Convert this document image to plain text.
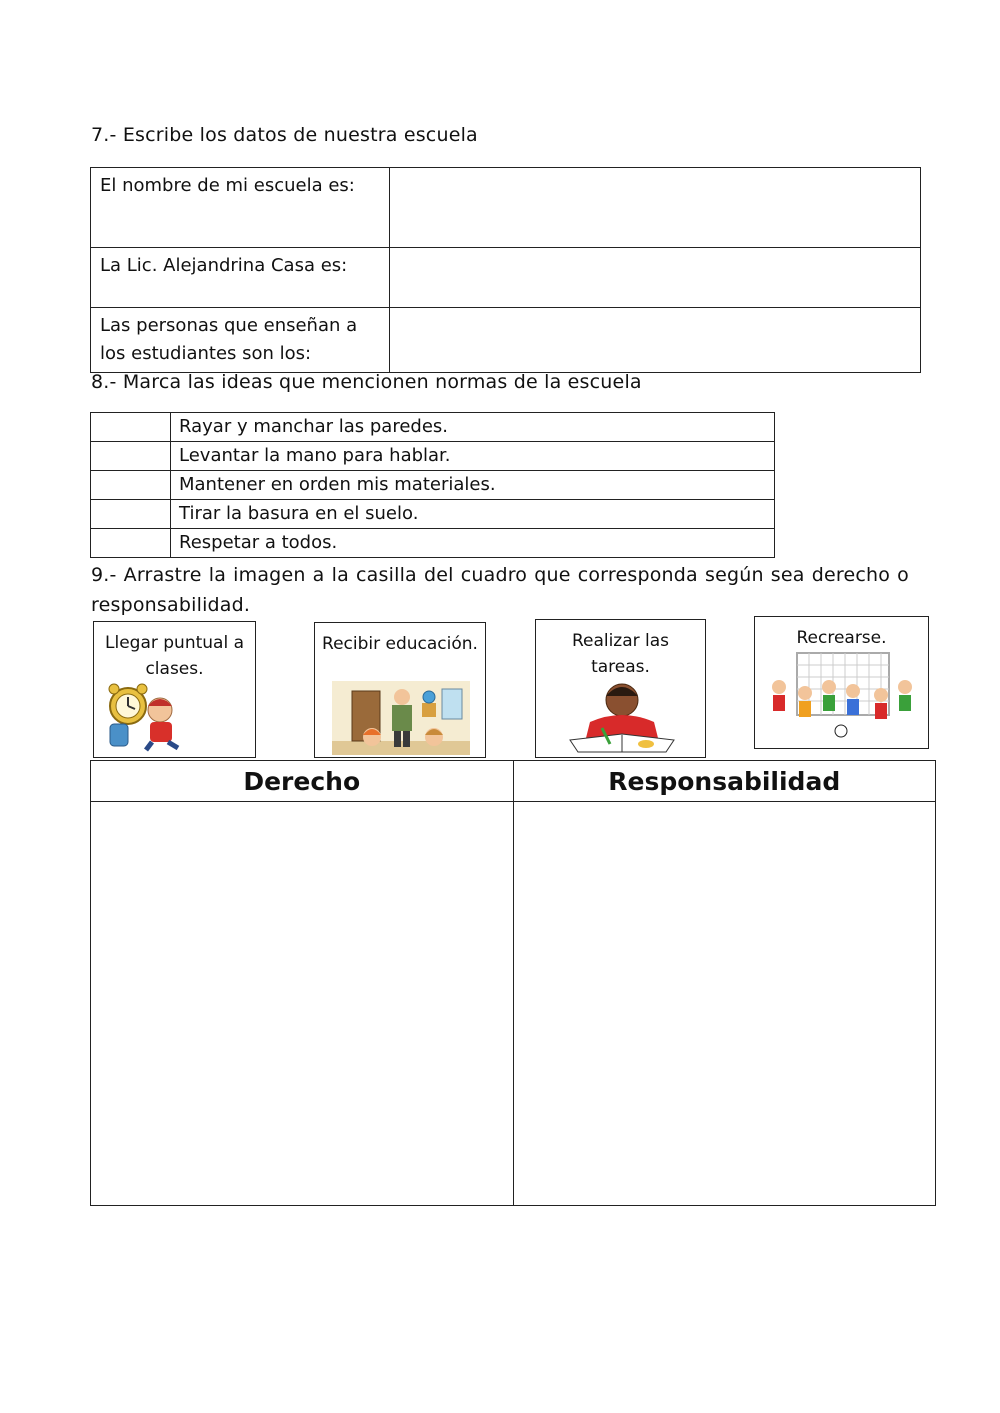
7.- Escribe los datos de nuestra escuela
El nombre de mi escuela es:	
La Lic. Alejandrina Casa es:	
Las personas que enseñan a los estudiantes son los:	
8.- Marca las ideas que mencionen normas de la escuela
	Rayar y manchar las paredes.
	Levantar la mano para hablar.
	Mantener en orden mis materiales.
	Tirar la basura en el suelo.
	Respetar a todos.
9.- Arrastre la imagen a la casilla del cuadro que corresponda según sea derecho o responsabilidad.
Llegar puntual a clases.
Recibir educación.	Realizar las tareas.
Recrearse.
Derecho	Responsabilidad
